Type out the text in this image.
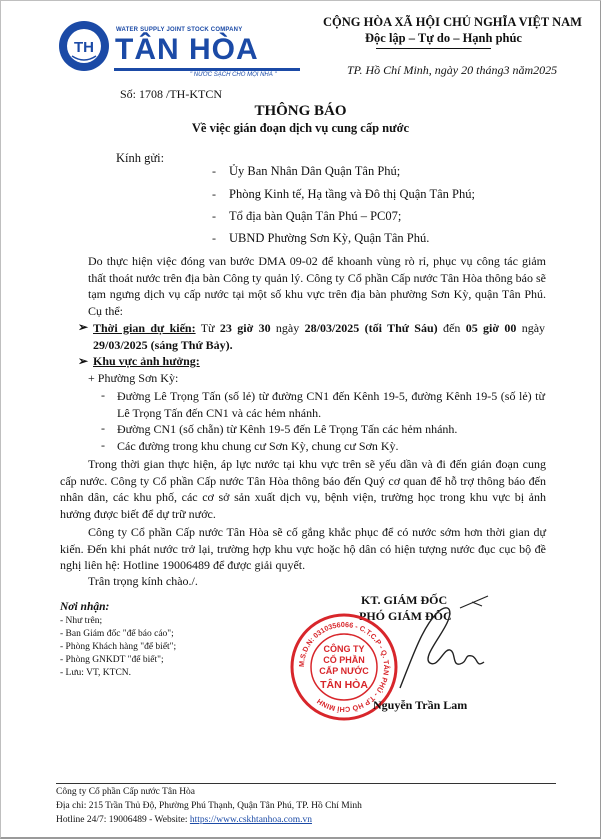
TH
WATER SUPPLY JOINT STOCK COMPANY
TÂN HÒA
" NƯỚC SẠCH CHO MỌI NHÀ "
CỘNG HÒA XÃ HỘI CHỦ NGHĨA VIỆT NAM
Độc lập – Tự do – Hạnh phúc
TP. Hồ Chí Minh, ngày 20 tháng3 năm2025
Số: 1708 /TH-KTCN
THÔNG BÁO
Về việc gián đoạn dịch vụ cung cấp nước
Kính gửi:
- Ủy Ban Nhân Dân Quận Tân Phú;
- Phòng Kinh tế, Hạ tầng và Đô thị Quận Tân Phú;
- Tổ địa bàn Quận Tân Phú – PC07;
- UBND Phường Sơn Kỳ, Quận Tân Phú.
Do thực hiện việc đóng van bước DMA 09-02 để khoanh vùng rò rỉ, phục vụ công tác giảm thất thoát nước trên địa bàn Công ty quản lý. Công ty Cổ phần Cấp nước Tân Hòa thông báo sẽ tạm ngưng dịch vụ cấp nước tại một số khu vực trên địa bàn phường Sơn Kỳ, quận Tân Phú. Cụ thể:
➢ Thời gian dự kiến: Từ 23 giờ 30 ngày 28/03/2025 (tối Thứ Sáu) đến 05 giờ 00 ngày 29/03/2025 (sáng Thứ Bảy).
➢ Khu vực ảnh hưởng:
+ Phường Sơn Kỳ:
- Đường Lê Trọng Tấn (số lẻ) từ đường CN1 đến Kênh 19-5, đường Kênh 19-5 (số lẻ) từ Lê Trọng Tấn đến CN1 và các hẻm nhánh.
- Đường CN1 (số chẵn) từ Kênh 19-5 đến Lê Trọng Tấn các hẻm nhánh.
- Các đường trong khu chung cư Sơn Kỳ, chung cư Sơn Kỳ.
Trong thời gian thực hiện, áp lực nước tại khu vực trên sẽ yếu dần và đi đến gián đoạn cung cấp nước. Công ty Cổ phần Cấp nước Tân Hòa thông báo đến Quý cơ quan để hỗ trợ thông báo đến nhân dân, các khu phố, các cơ sở sản xuất dịch vụ, bệnh viện, trường học trong khu vực bị ảnh hưởng được biết để dự trữ nước.
Công ty Cổ phần Cấp nước Tân Hòa sẽ cố gắng khắc phục để có nước sớm hơn thời gian dự kiến. Đến khi phát nước trở lại, trường hợp khu vực hoặc hộ dân có hiện tượng nước đục cục bộ đề nghị liên hệ: Hotline 19006489 để được giải quyết.
Trân trọng kính chào./.
Nơi nhận:
- Như trên;
- Ban Giám đốc "để báo cáo";
- Phòng Khách hàng "để biết";
- Phòng GNKDT "để biết";
- Lưu: VT, KTCN.
KT. GIÁM ĐỐC
PHÓ GIÁM ĐỐC
M.S.D.N: 0310356066 - C.T.C.P - Q. TÂN PHÚ - T.P HỒ CHÍ MINH
CÔNG TY
CỔ PHẦN
CẤP NƯỚC
TÂN HÒA
Nguyễn Trần Lam
Công ty Cổ phần Cấp nước Tân Hòa
Địa chỉ: 215 Trần Thủ Độ, Phường Phú Thạnh, Quận Tân Phú, TP. Hồ Chí Minh
Hotline 24/7: 19006489 - Website: https://www.cskhtanhoa.com.vn
